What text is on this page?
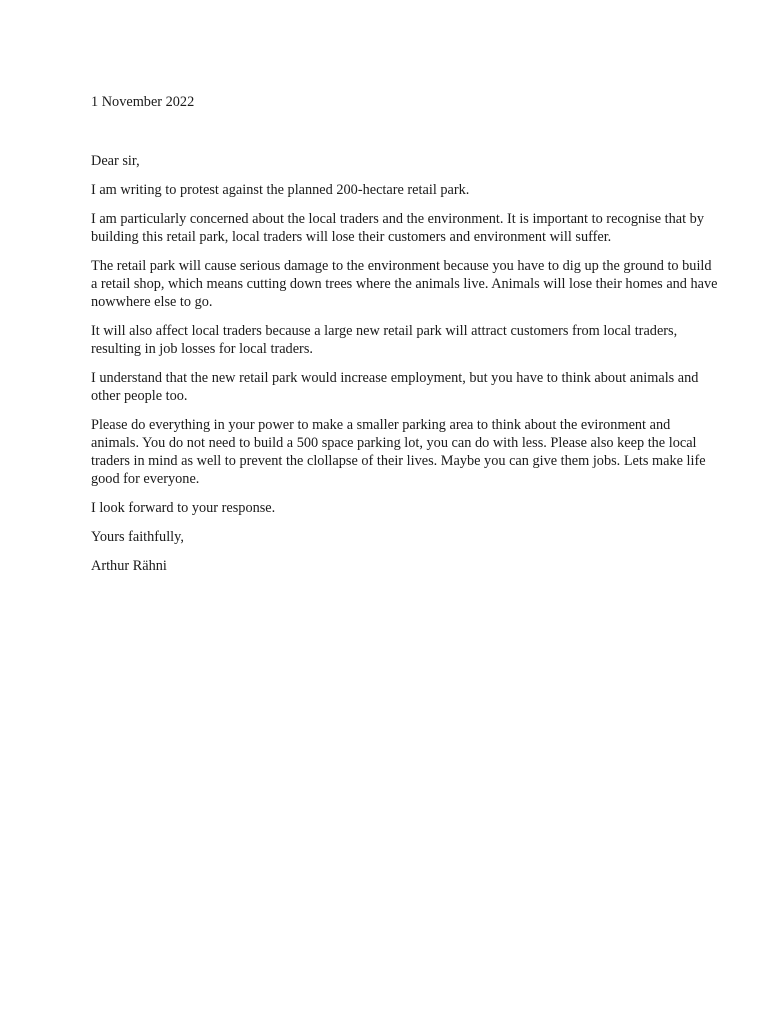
1 November 2022

Dear sir,

I am writing to protest against the planned 200-hectare retail park.

I am particularly concerned about the local traders and the environment. It is important to recognise that by building this retail park, local traders will lose their customers and environment will suffer.

The retail park will cause serious damage to the environment because you have to dig up the ground to build a retail shop, which means cutting down trees where the animals live. Animals will lose their homes and have nowwhere else to go.

It will also affect local traders because a large new retail park will attract customers from local traders, resulting in job losses for local traders.

I understand that the new retail park would increase employment, but you have to think about animals and other people too.

Please do everything in your power to make a smaller parking area to think about the evironment and animals. You do not need to build a 500 space parking lot, you can do with less. Please also keep the local traders in mind as well to prevent the clollapse of their lives. Maybe you can give them jobs. Lets make life good for everyone.

I look forward to your response.

Yours faithfully,

Arthur Rähni
